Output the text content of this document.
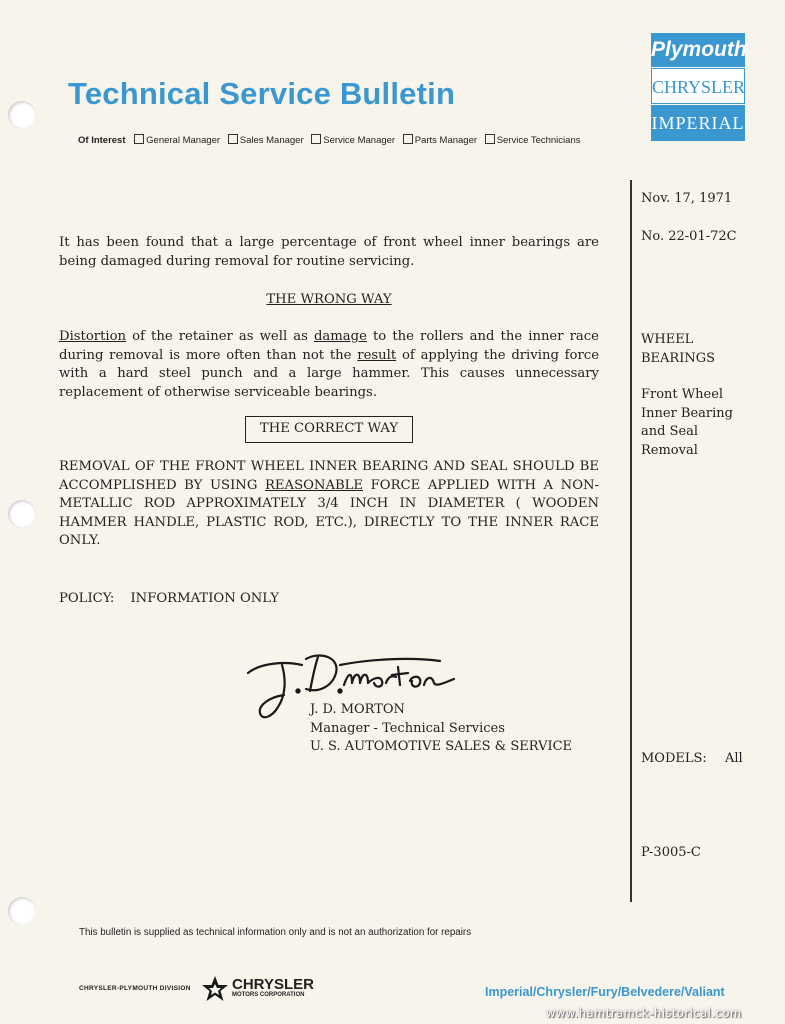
Technical Service Bulletin
Of Interest General Manager Sales Manager Service Manager Parts Manager Service Technicians
Plymouth
CHRYSLER
IMPERIAL
Nov. 17, 1971
No. 22-01-72C
WHEEL BEARINGS
Front Wheel
Inner Bearing
and Seal
Removal
MODELS: All
P-3005-C
It has been found that a large percentage of front wheel inner bearings are being damaged during removal for routine servicing.
THE WRONG WAY
Distortion of the retainer as well as damage to the rollers and the inner race during removal is more often than not the result of applying the driving force with a hard steel punch and a large hammer. This causes unnecessary replacement of otherwise serviceable bearings.
THE CORRECT WAY
REMOVAL OF THE FRONT WHEEL INNER BEARING AND SEAL SHOULD BE ACCOMPLISHED BY USING REASONABLE FORCE APPLIED WITH A NON-METALLIC ROD APPROXIMATELY 3/4 INCH IN DIAMETER ( WOODEN HAMMER HANDLE, PLASTIC ROD, ETC.), DIRECTLY TO THE INNER RACE ONLY.
POLICY: INFORMATION ONLY
J. D. MORTON
Manager - Technical Services
U. S. AUTOMOTIVE SALES & SERVICE
This bulletin is supplied as technical information only and is not an authorization for repairs
CHRYSLER-PLYMOUTH DIVISION	CHRYSLER
MOTORS CORPORATION	Imperial/Chrysler/Fury/Belvedere/Valiant
www.hamtramck-historical.com
